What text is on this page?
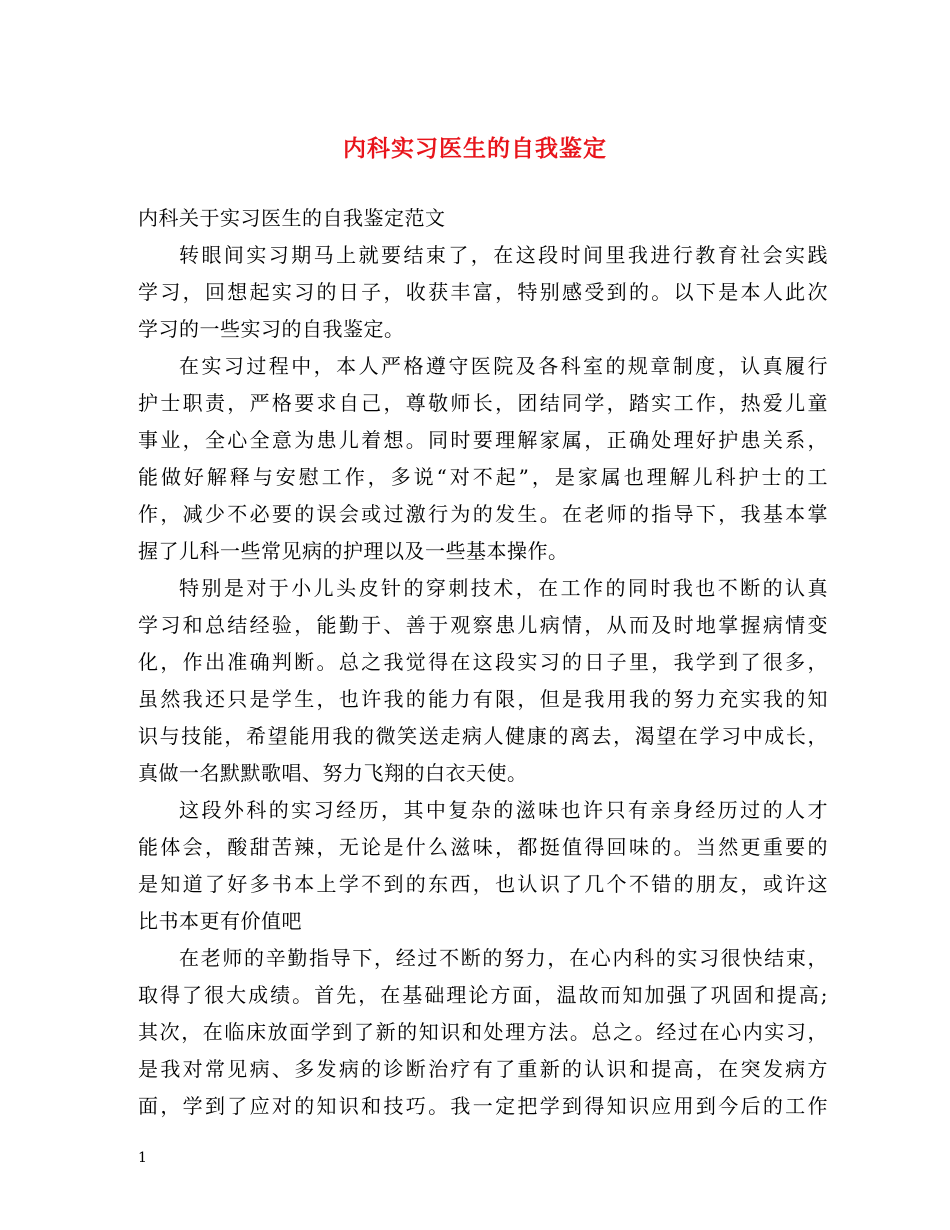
内科实习医生的自我鉴定
内科关于实习医生的自我鉴定范文
转眼间实习期马上就要结束了，在这段时间里我进行教育社会实践
学习，回想起实习的日子，收获丰富，特别感受到的。以下是本人此次
学习的一些实习的自我鉴定。
在实习过程中，本人严格遵守医院及各科室的规章制度，认真履行
护士职责，严格要求自己，尊敬师长，团结同学，踏实工作，热爱儿童
事业，全心全意为患儿着想。同时要理解家属，正确处理好护患关系，
能做好解释与安慰工作，多说“对不起”，是家属也理解儿科护士的工
作，减少不必要的误会或过激行为的发生。在老师的指导下，我基本掌
握了儿科一些常见病的护理以及一些基本操作。
特别是对于小儿头皮针的穿刺技术，在工作的同时我也不断的认真
学习和总结经验，能勤于、善于观察患儿病情，从而及时地掌握病情变
化，作出准确判断。总之我觉得在这段实习的日子里，我学到了很多，
虽然我还只是学生，也许我的能力有限，但是我用我的努力充实我的知
识与技能，希望能用我的微笑送走病人健康的离去，渴望在学习中成长，
真做一名默默歌唱、努力飞翔的白衣天使。
这段外科的实习经历，其中复杂的滋味也许只有亲身经历过的人才
能体会，酸甜苦辣，无论是什么滋味，都挺值得回味的。当然更重要的
是知道了好多书本上学不到的东西，也认识了几个不错的朋友，或许这
比书本更有价值吧
在老师的辛勤指导下，经过不断的努力，在心内科的实习很快结束，
取得了很大成绩。首先，在基础理论方面，温故而知加强了巩固和提高;
其次，在临床放面学到了新的知识和处理方法。总之。经过在心内实习，
是我对常见病、多发病的诊断治疗有了重新的认识和提高，在突发病方
面，学到了应对的知识和技巧。我一定把学到得知识应用到今后的工作
1
